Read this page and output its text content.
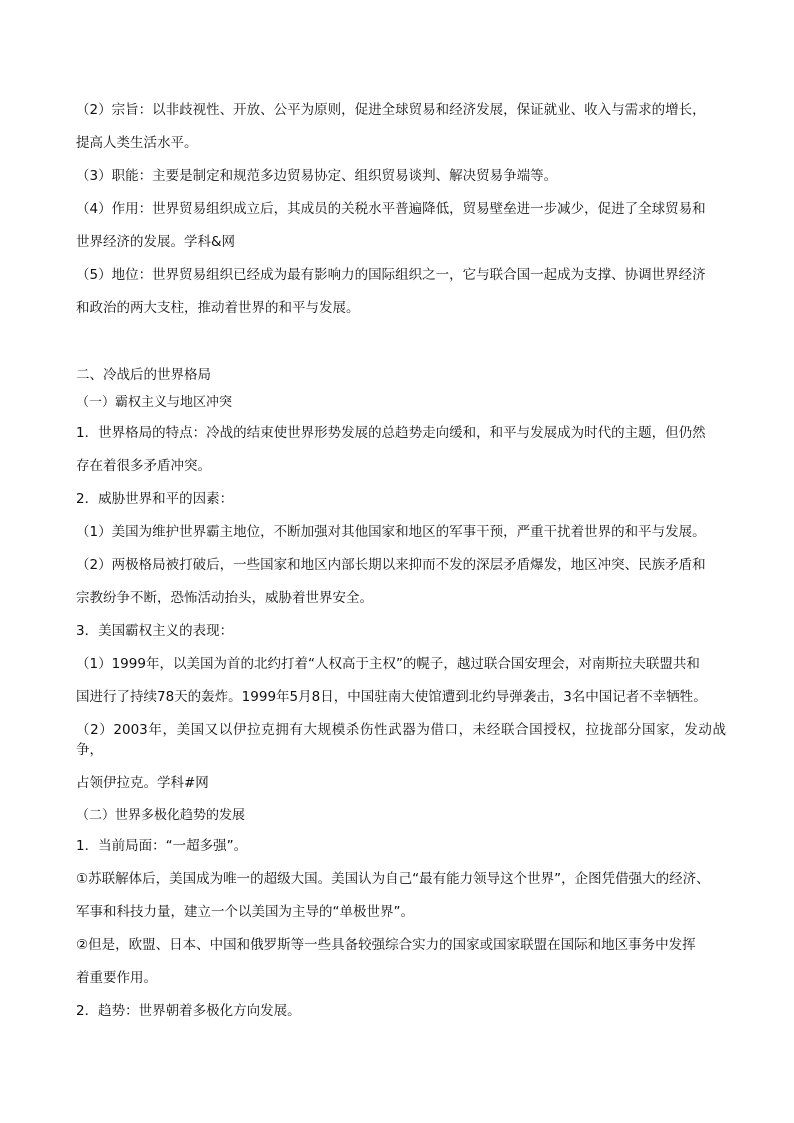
（2）宗旨：以非歧视性、开放、公平为原则，促进全球贸易和经济发展，保证就业、收入与需求的增长，
提高人类生活水平。

（3）职能：主要是制定和规范多边贸易协定、组织贸易谈判、解决贸易争端等。

（4）作用：世界贸易组织成立后，其成员的关税水平普遍降低，贸易壁垒进一步减少，促进了全球贸易和
世界经济的发展。学科&网

（5）地位：世界贸易组织已经成为最有影响力的国际组织之一，它与联合国一起成为支撑、协调世界经济
和政治的两大支柱，推动着世界的和平与发展。

二、冷战后的世界格局
（一）霸权主义与地区冲突

1．世界格局的特点：冷战的结束使世界形势发展的总趋势走向缓和，和平与发展成为时代的主题，但仍然
存在着很多矛盾冲突。

2．威胁世界和平的因素：

（1）美国为维护世界霸主地位，不断加强对其他国家和地区的军事干预，严重干扰着世界的和平与发展。

（2）两极格局被打破后，一些国家和地区内部长期以来抑而不发的深层矛盾爆发，地区冲突、民族矛盾和
宗教纷争不断，恐怖活动抬头，威胁着世界安全。

3．美国霸权主义的表现：

（1）1999年，以美国为首的北约打着“人权高于主权”的幌子，越过联合国安理会，对南斯拉夫联盟共和
国进行了持续78天的轰炸。1999年5月8日，中国驻南大使馆遭到北约导弹袭击，3名中国记者不幸牺牲。

（2）2003年，美国又以伊拉克拥有大规模杀伤性武器为借口，未经联合国授权，拉拢部分国家，发动战争，
占领伊拉克。学科#网

（二）世界多极化趋势的发展

1．当前局面：“一超多强”。

①苏联解体后，美国成为唯一的超级大国。美国认为自己“最有能力领导这个世界”，企图凭借强大的经济、
军事和科技力量，建立一个以美国为主导的“单极世界”。

②但是，欧盟、日本、中国和俄罗斯等一些具备较强综合实力的国家或国家联盟在国际和地区事务中发挥
着重要作用。

2．趋势：世界朝着多极化方向发展。
